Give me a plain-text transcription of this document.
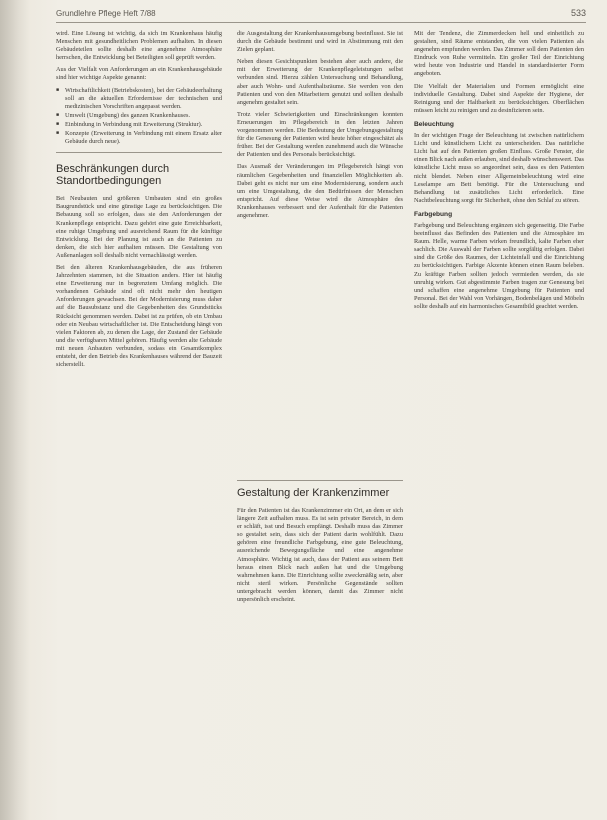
Grundlehre Pflege Heft 7/88	533

wird. Eine Lösung ist wichtig, da sich im Krankenhaus häufig Menschen mit gesundheitlichen Problemen aufhalten. In diesen Gebäudeteilen sollte deshalb eine angenehme Atmosphäre herrschen, die Entwicklung bei Beteiligten soll geprüft werden.

Aus der Vielfalt von Anforderungen an ein Krankenhausgebäude sind hier wichtige Aspekte genannt:

■ Wirtschaftlichkeit (Betriebskosten), bei der Gebäudeerhaltung soll an die aktuellen Erfordernisse der technischen und medizinischen Vorschriften angepasst werden.
■ Umwelt (Umgebung) des ganzen Krankenhauses.
■ Einbindung in Verbindung mit Erweiterung (Struktur).
■ Konzepte (Erweiterung in Verbindung mit einem Ersatz alter Gebäude durch neue).
Beschränkungen durch Standortbedingungen

Bei Neubauten und größeren Umbauten sind ein großes Baugrundstück und eine günstige Lage zu berücksichtigen. Die Bebauung soll so erfolgen, dass sie den Anforderungen der Krankenpflege entspricht. Dazu gehört eine gute Erreichbarkeit, eine ruhige Umgebung und ausreichend Raum für die künftige Entwicklung. Bei der Planung ist auch an die Patienten zu denken, die sich hier aufhalten müssen. Die Gestaltung von Außenanlagen soll deshalb nicht vernachlässigt werden.

Bei den älteren Krankenhausgebäuden, die aus früheren Jahrzehnten stammen, ist die Situation anders. Hier ist häufig eine Erweiterung nur in begrenztem Umfang möglich. Die vorhandenen Gebäude sind oft nicht mehr den heutigen Anforderungen gewachsen. Bei der Modernisierung muss daher auf die Bausubstanz und die Gegebenheiten des Grundstücks Rücksicht genommen werden. Dabei ist zu prüfen, ob ein Umbau oder ein Neubau wirtschaftlicher ist. Die Entscheidung hängt von vielen Faktoren ab, zu denen die Lage, der Zustand der Gebäude und die verfügbaren Mittel gehören. Häufig werden alte Gebäude mit neuen Anbauten verbunden, sodass ein Gesamtkomplex entsteht, der den Betrieb des Krankenhauses während der Bauzeit sicherstellt.

die Ausgestaltung der Krankenhausumgebung beeinflusst. Sie ist durch die Gebäude bestimmt und wird in Abstimmung mit den Zielen geplant.

Neben diesen Gesichtspunkten bestehen aber auch andere, die mit der Erweiterung der Krankenpflegeleistungen selbst verbunden sind. Hierzu zählen Untersuchung und Behandlung, aber auch Wohn- und Aufenthaltsräume. Sie werden von den Patienten und von den Mitarbeitern genutzt und sollten deshalb angenehm gestaltet sein.

Trotz vieler Schwierigkeiten und Einschränkungen konnten Erneuerungen im Pflegebereich in den letzten Jahren vorgenommen werden. Die Bedeutung der Umgebungsgestaltung für die Genesung der Patienten wird heute höher eingeschätzt als früher. Bei der Gestaltung werden zunehmend auch die Wünsche der Patienten und des Personals berücksichtigt.

Das Ausmaß der Veränderungen im Pflegebereich hängt von räumlichen Gegebenheiten und finanziellen Möglichkeiten ab. Dabei geht es nicht nur um eine Modernisierung, sondern auch um eine Umgestaltung, die den Bedürfnissen der Menschen entspricht. Auf diese Weise wird die Atmosphäre des Krankenhauses verbessert und der Aufenthalt für die Patienten angenehmer.

Gestaltung der Krankenzimmer

Für den Patienten ist das Krankenzimmer ein Ort, an dem er sich längere Zeit aufhalten muss. Es ist sein privater Bereich, in dem er schläft, isst und Besuch empfängt. Deshalb muss das Zimmer so gestaltet sein, dass sich der Patient darin wohlfühlt. Dazu gehören eine freundliche Farbgebung, eine gute Beleuchtung, ausreichende Bewegungsfläche und eine angenehme Atmosphäre. Wichtig ist auch, dass der Patient aus seinem Bett heraus einen Blick nach außen hat und die Umgebung wahrnehmen kann. Die Einrichtung sollte zweckmäßig sein, aber nicht steril wirken. Persönliche Gegenstände sollten untergebracht werden können, damit das Zimmer nicht unpersönlich erscheint.

Mit der Tendenz, die Zimmerdecken hell und einheitlich zu gestalten, sind Räume entstanden, die von vielen Patienten als angenehm empfunden werden. Das Zimmer soll dem Patienten den Eindruck von Ruhe vermitteln. Ein großer Teil der Einrichtung wird heute von Industrie und Handel in standardisierter Form angeboten.

Die Vielfalt der Materialien und Formen ermöglicht eine individuelle Gestaltung. Dabei sind Aspekte der Hygiene, der Reinigung und der Haltbarkeit zu berücksichtigen. Oberflächen müssen leicht zu reinigen und zu desinfizieren sein.

Beleuchtung

In der wichtigen Frage der Beleuchtung ist zwischen natürlichem Licht und künstlichem Licht zu unterscheiden. Das natürliche Licht hat auf den Patienten großen Einfluss. Große Fenster, die einen Blick nach außen erlauben, sind deshalb wünschenswert. Das künstliche Licht muss so angeordnet sein, dass es den Patienten nicht blendet. Neben einer Allgemeinbeleuchtung wird eine Leselampe am Bett benötigt. Für die Untersuchung und Behandlung ist zusätzliches Licht erforderlich. Eine Nachtbeleuchtung sorgt für Sicherheit, ohne den Schlaf zu stören.

Farbgebung

Farbgebung und Beleuchtung ergänzen sich gegenseitig. Die Farbe beeinflusst das Befinden des Patienten und die Atmosphäre im Raum. Helle, warme Farben wirken freundlich, kalte Farben eher sachlich. Die Auswahl der Farben sollte sorgfältig erfolgen. Dabei sind die Größe des Raumes, der Lichteinfall und die Einrichtung zu berücksichtigen. Farbige Akzente können einen Raum beleben. Zu kräftige Farben sollten jedoch vermieden werden, da sie unruhig wirken. Gut abgestimmte Farben tragen zur Genesung bei und schaffen eine angenehme Umgebung für Patienten und Personal. Bei der Wahl von Vorhängen, Bodenbelägen und Möbeln sollte deshalb auf ein harmonisches Gesamtbild geachtet werden.
